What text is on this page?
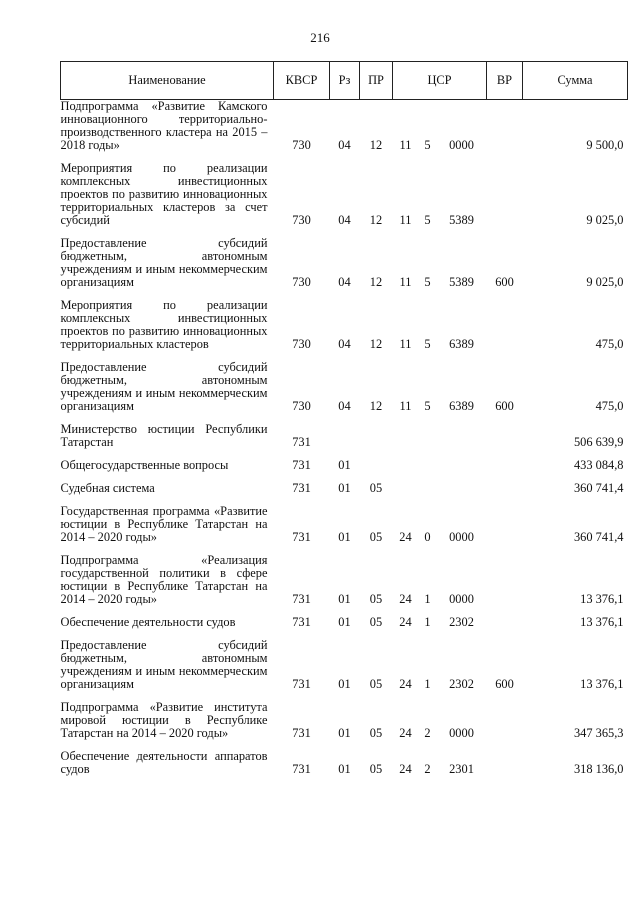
216
Наименование	КВСР	Рз	ПР	ЦСР			ВР	Сумма
Подпрограмма «Развитие Камского инновационного территориально-производственного кластера на 2015 – 2018 годы»	730	04	12	11	5	0000		9 500,0

Мероприятия по реализации комплексных инвестиционных проектов по развитию инновационных территориальных кластеров за счет субсидий	730	04	12	11	5	5389		9 025,0

Предоставление субсидий бюджетным, автономным учреждениям и иным некоммерческим организациям	730	04	12	11	5	5389	600	9 025,0

Мероприятия по реализации комплексных инвестиционных проектов по развитию инновационных территориальных кластеров	730	04	12	11	5	6389		475,0

Предоставление субсидий бюджетным, автономным учреждениям и иным некоммерческим организациям	730	04	12	11	5	6389	600	475,0

Министерство юстиции Республики Татарстан	731							506 639,9

Общегосударственные вопросы	731	01						433 084,8

Судебная система	731	01	05					360 741,4

Государственная программа «Развитие юстиции в Республике Татарстан на 2014 – 2020 годы»	731	01	05	24	0	0000		360 741,4

Подпрограмма «Реализация государственной политики в сфере юстиции в Республике Татарстан на 2014 – 2020 годы»	731	01	05	24	1	0000		13 376,1

Обеспечение деятельности судов	731	01	05	24	1	2302		13 376,1

Предоставление субсидий бюджетным, автономным учреждениям и иным некоммерческим организациям	731	01	05	24	1	2302	600	13 376,1

Подпрограмма «Развитие института мировой юстиции в Республике Татарстан на 2014 – 2020 годы»	731	01	05	24	2	0000		347 365,3

Обеспечение деятельности аппаратов судов	731	01	05	24	2	2301		318 136,0
